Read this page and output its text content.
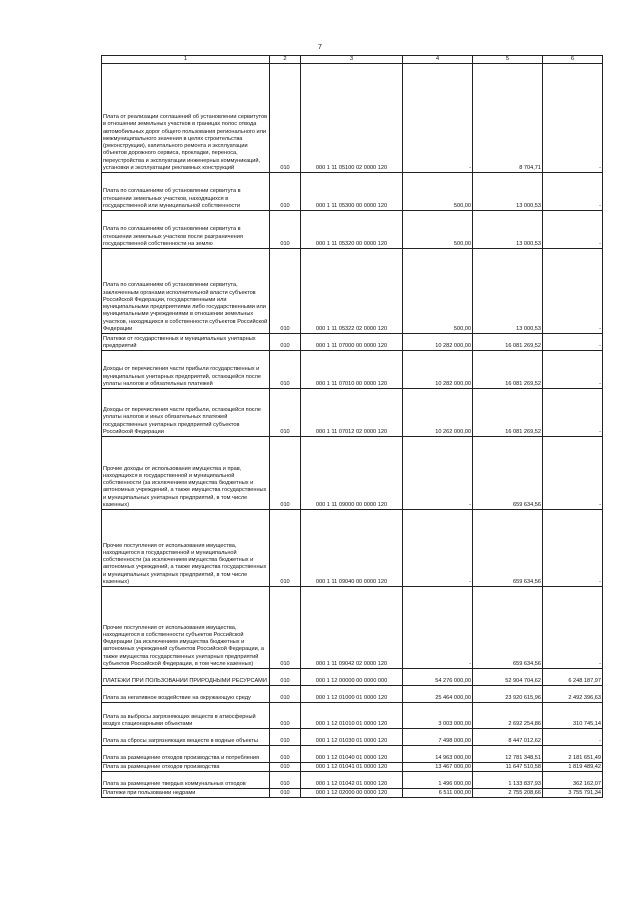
7
1	2	3	4	5	6

Плата от реализации соглашений об установлении сервитутов в отношении земельных участков в границах полос отвода автомобильных дорог общего пользования регионального или межмуниципального значения в целях строительства (реконструкции), капитального ремонта и эксплуатации объектов дорожного сервиса, прокладки, переноса, переустройства и эксплуатации инженерных коммуникаций, установки и эксплуатации рекламных конструкций	010	000 1 11 05100 02 0000 120	-	8 704,71	-

Плата по соглашениям об установлении сервитута в отношении земельных участков, находящихся в государственной или муниципальной собственности	010	000 1 11 05300 00 0000 120	500,00	13 000,53	-

Плата по соглашениям об установлении сервитута в отношении земельных участков после разграничения государственной собственности на землю	010	000 1 11 05320 00 0000 120	500,00	13 000,53	-

Плата по соглашениям об установлении сервитута, заключенным органами исполнительной власти субъектов Российской Федерации, государственными или муниципальными предприятиями либо государственными или муниципальными учреждениями в отношении земельных участков, находящихся в собственности субъектов Российской Федерации	010	000 1 11 05322 02 0000 120	500,00	13 000,53	-

Платежи от государственных и муниципальных унитарных предприятий	010	000 1 11 07000 00 0000 120	10 282 000,00	16 081 269,52	-

Доходы от перечисления части прибыли государственных и муниципальных унитарных предприятий, остающейся после уплаты налогов и обязательных платежей	010	000 1 11 07010 00 0000 120	10 282 000,00	16 081 269,52	-

Доходы от перечисления части прибыли, остающейся после уплаты налогов и иных обязательных платежей государственных унитарных предприятий субъектов Российской Федерации	010	000 1 11 07012 02 0000 120	10 262 000,00	16 081 269,52	-

Прочие доходы от использования имущества и прав, находящихся в государственной и муниципальной собственности (за исключением имущества бюджетных и автономных учреждений, а также имущества государственных и муниципальных унитарных предприятий, в том числе казенных)	010	000 1 11 09000 00 0000 120	-	659 634,56	-

Прочие поступления от использования имущества, находящегося в государственной и муниципальной собственности (за исключением имущества бюджетных и автономных учреждений, а также имущества государственных и муниципальных унитарных предприятий, в том числе казенных)	010	000 1 11 09040 00 0000 120	-	659 634,56	-

Прочие поступления от использования имущества, находящегося в собственности субъектов Российской Федерации (за исключением имущества бюджетных и автономных учреждений субъектов Российской Федерации, а также имущества государственных унитарных предприятий субъектов Российской Федерации, в том числе казенных)	010	000 1 11 09042 02 0000 120	-	659 634,56	-

ПЛАТЕЖИ ПРИ ПОЛЬЗОВАНИИ ПРИРОДНЫМИ РЕСУРСАМИ	010	000 1 12 00000 00 0000 000	54 276 000,00	52 904 704,62	6 248 187,97

Плата за негативное воздействие на окружающую среду	010	000 1 12 01000 01 0000 120	25 464 000,00	23 920 615,96	2 492 396,63

Плата за выбросы загрязняющих веществ в атмосферный воздух стационарными объектами	010	000 1 12 01010 01 0000 120	3 003 000,00	2 692 254,86	310 745,14

Плата за сбросы загрязняющих веществ в водные объекты	010	000 1 12 01030 01 0000 120	7 498 000,00	8 447 012,62	-

Плата за размещение отходов производства и потребления	010	000 1 12 01040 01 0000 120	14 963 000,00	12 781 348,51	2 181 651,49

Плата за размещение отходов производства	010	000 1 12 01041 01 0000 120	13 467 000,00	11 647 510,58	1 819 489,42

Плата за размещение твердых коммунальных отходов	010	000 1 12 01042 01 0000 120	1 496 000,00	1 133 837,93	362 162,07

Платежи при пользовании недрами	010	000 1 12 02000 00 0000 120	6 511 000,00	2 755 208,66	3 755 791,34
